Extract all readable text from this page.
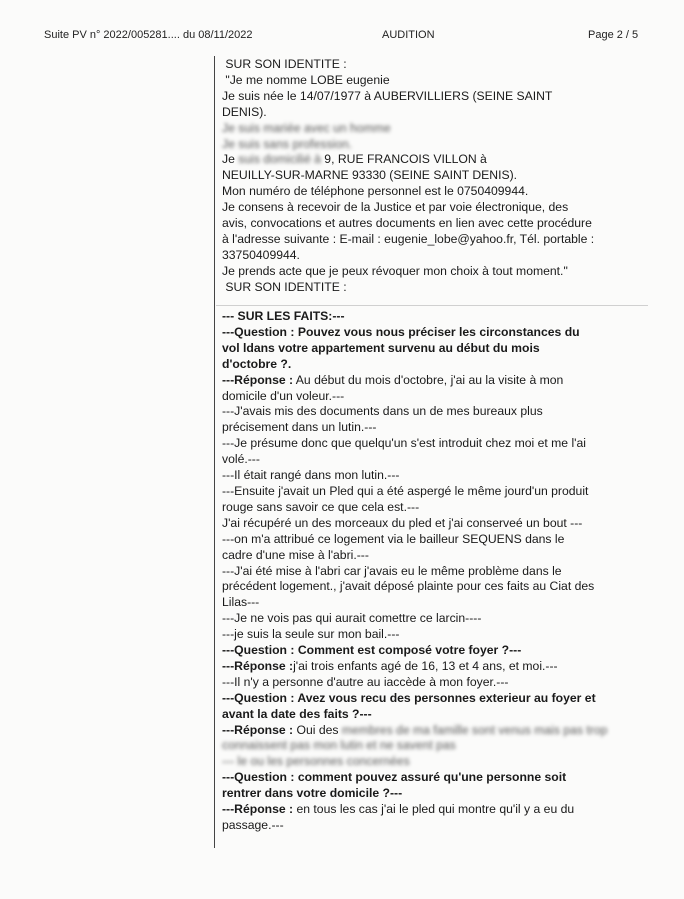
Suite PV n° 2022/005281.... du 08/11/2022	AUDITION	Page 2 / 5
SUR SON IDENTITE :
"Je me nomme LOBE eugenie
Je suis née le 14/07/1977 à AUBERVILLIERS (SEINE SAINT
DENIS).
Je suis mariée avec un homme
Je suis sans profession.
Je suis domicilié à 9, RUE FRANCOIS VILLON à
NEUILLY-SUR-MARNE 93330 (SEINE SAINT DENIS).
Mon numéro de téléphone personnel est le 0750409944.
Je consens à recevoir de la Justice et par voie électronique, des
avis, convocations et autres documents en lien avec cette procédure
à l'adresse suivante : E-mail : eugenie_lobe@yahoo.fr, Tél. portable :
33750409944.
Je prends acte que je peux révoquer mon choix à tout moment."
SUR SON IDENTITE :
--- SUR LES FAITS:---
---Question : Pouvez vous nous préciser les circonstances du
vol ldans votre appartement survenu au début du mois
d'octobre ?.
---Réponse : Au début du mois d'octobre, j'ai au la visite à mon
domicile d'un voleur.---
---J'avais mis des documents dans un de mes bureaux plus
précisement dans un lutin.---
---Je présume donc que quelqu'un s'est introduit chez moi et me l'ai
volé.---
---Il était rangé dans mon lutin.---
---Ensuite j'avait un Pled qui a été aspergé le même jourd'un produit
rouge sans savoir ce que cela est.---
J'ai récupéré un des morceaux du pled et j'ai conserveé un bout ---
---on m'a attribué ce logement via le bailleur SEQUENS dans le
cadre d'une mise à l'abri.---
---J'ai été mise à l'abri car j'avais eu le même problème dans le
précédent logement., j'avait déposé plainte pour ces faits au Ciat des
Lilas---
---Je ne vois pas qui aurait comettre ce larcin----
---je suis la seule sur mon bail.---
---Question : Comment est composé votre foyer ?---
---Réponse :j'ai trois enfants agé de 16, 13 et 4 ans, et moi.---
---Il n'y a personne d'autre au iaccède à mon foyer.---
---Question : Avez vous recu des personnes exterieur au foyer et
avant la date des faits ?---
---Réponse : Oui des membres de ma famille sont venus mais pas trop
connaissent pas mon lutin et ne savent pas
--- le ou les personnes concernées
---Question : comment pouvez assuré qu'une personne soit
rentrer dans votre domicile ?---
---Réponse : en tous les cas j'ai le pled qui montre qu'il y a eu du
passage.---
